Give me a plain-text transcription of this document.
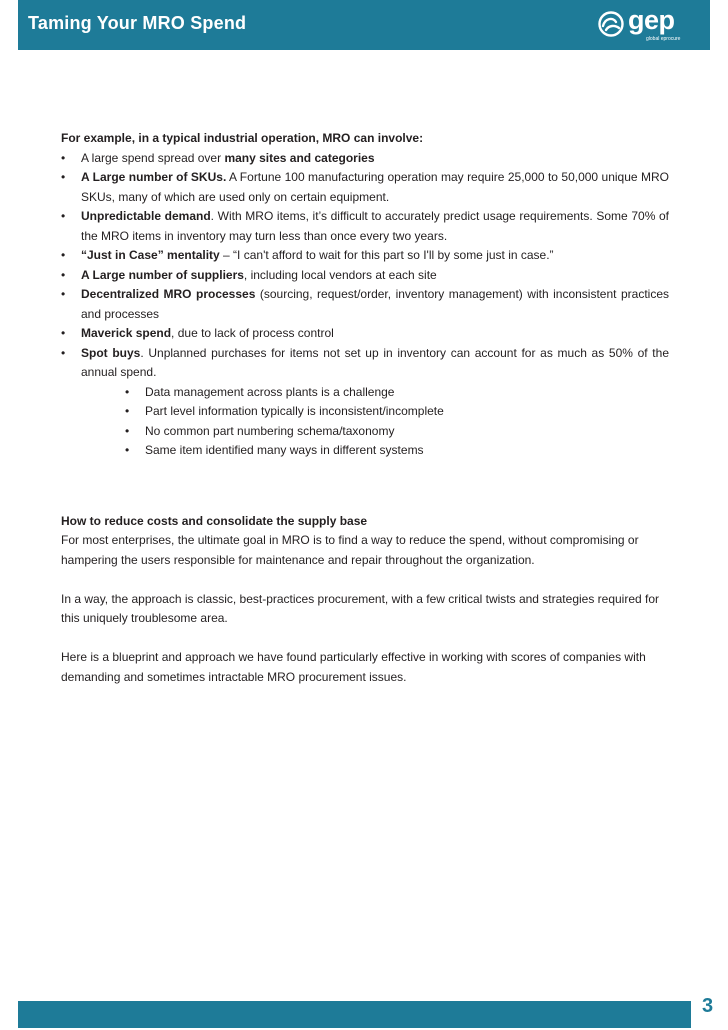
Taming Your MRO Spend	gep
global eprocure

For example, in a typical industrial operation, MRO can involve:

• A large spend spread over many sites and categories
• A Large number of SKUs. A Fortune 100 manufacturing operation may require 25,000 to 50,000 unique MRO SKUs, many of which are used only on certain equipment.
• Unpredictable demand. With MRO items, it’s difficult to accurately predict usage requirements. Some 70% of the MRO items in inventory may turn less than once every two years.
• “Just in Case” mentality – “I can't afford to wait for this part so I'll by some just in case.”
• A Large number of suppliers, including local vendors at each site
• Decentralized MRO processes (sourcing, request/order, inventory management) with inconsistent practices and processes
• Maverick spend, due to lack of process control
• Spot buys. Unplanned purchases for items not set up in inventory can account for as much as 50% of the annual spend.
• Data management across plants is a challenge
• Part level information typically is inconsistent/incomplete
• No common part numbering schema/taxonomy
• Same item identified many ways in different systems

How to reduce costs and consolidate the supply base

For most enterprises, the ultimate goal in MRO is to find a way to reduce the spend, without compromising or hampering the users responsible for maintenance and repair throughout the organization.

In a way, the approach is classic, best-practices procurement, with a few critical twists and strategies required for this uniquely troublesome area.

Here is a blueprint and approach we have found particularly effective in working with scores of companies with demanding and sometimes intractable MRO procurement issues.

3
